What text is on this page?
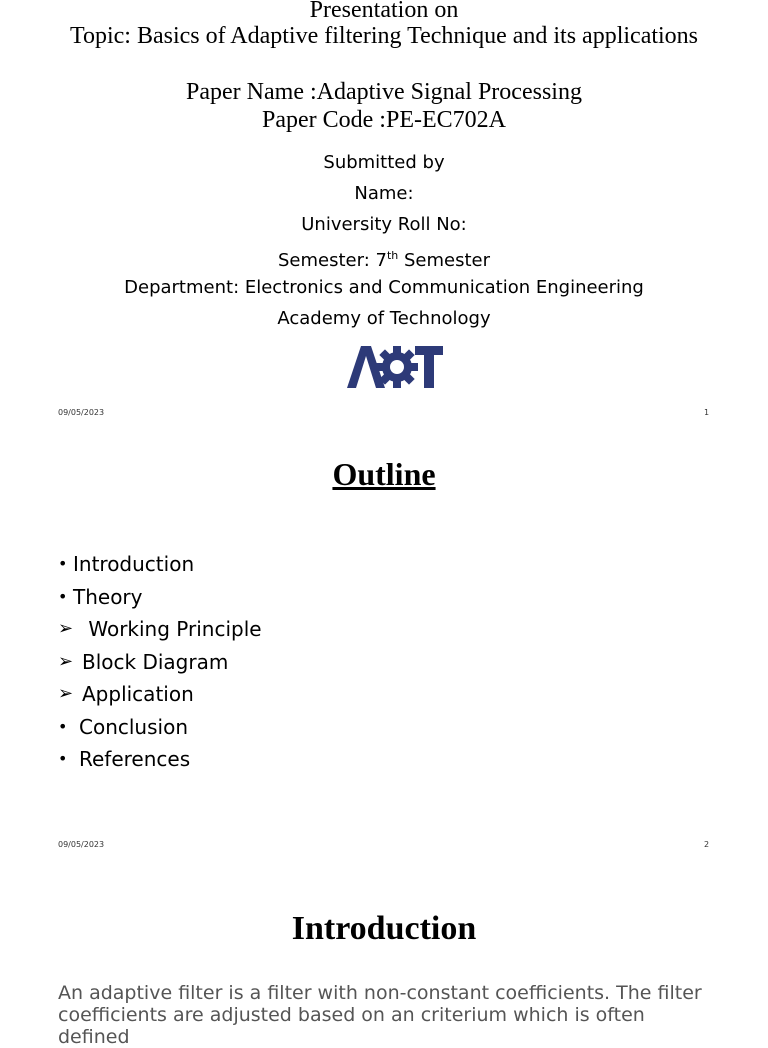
Presentation on
Topic: Basics of Adaptive filtering Technique and its applications
Paper Name :Adaptive Signal Processing
Paper Code :PE-EC702A
Submitted by
Name:
University Roll No:
Semester: 7th Semester
Department: Electronics and Communication Engineering
Academy of Technology
09/05/2023	1
Outline
• Introduction
• Theory
➢ Working Principle
➢ Block Diagram
➢ Application
• Conclusion
• References
09/05/2023	2
Introduction
An adaptive filter is a filter with non-constant coefficients. The filter coefficients are adjusted based on an criterium which is often defined
